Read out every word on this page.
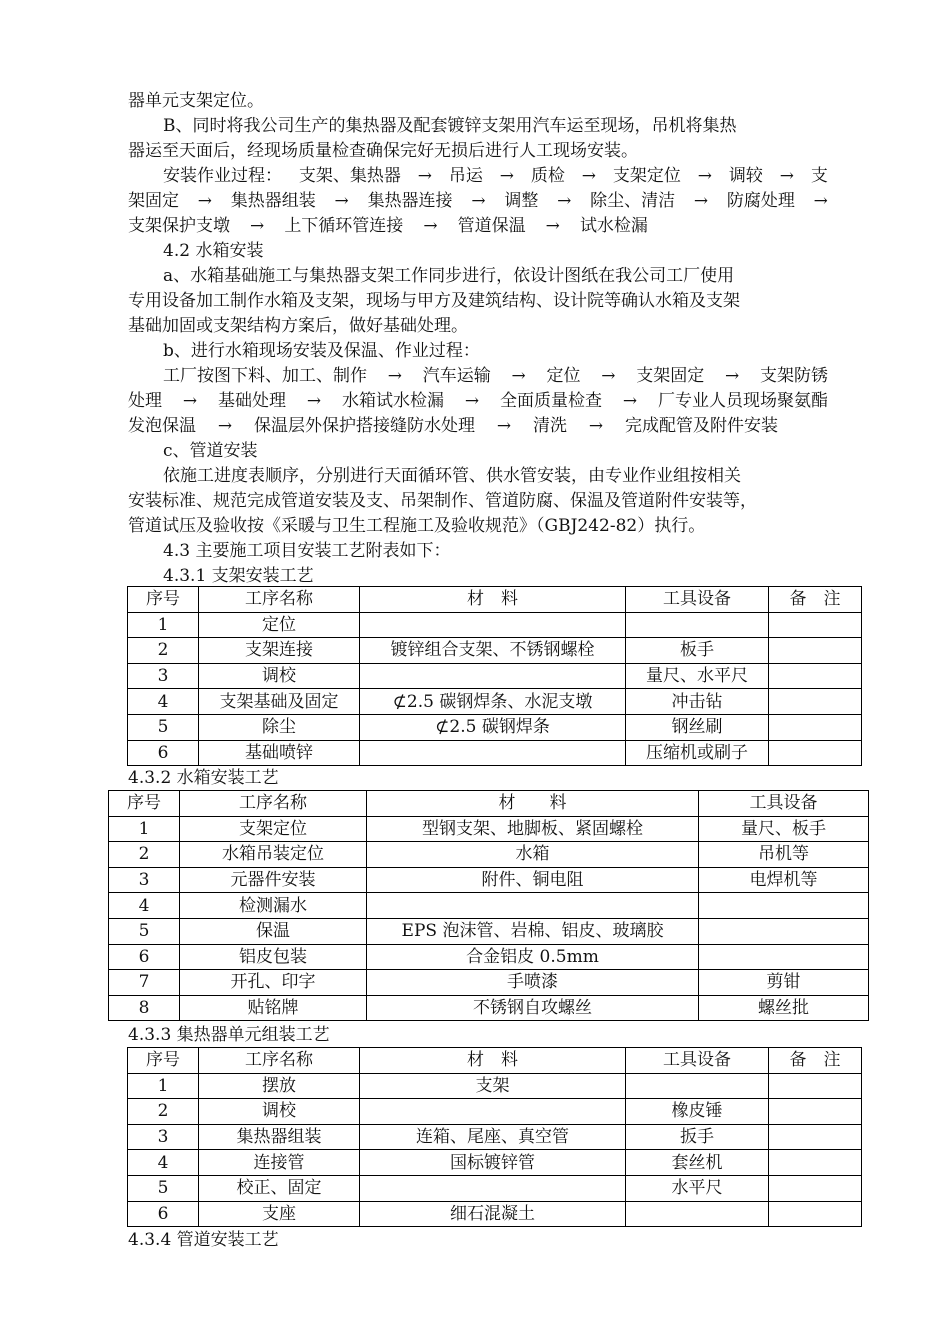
器单元支架定位。
B、同时将我公司生产的集热器及配套镀锌支架用汽车运至现场，吊机将集热
器运至天面后，经现场质量检查确保完好无损后进行人工现场安装。
安装作业过程： 支架、集热器 → 吊运 → 质检 → 支架定位 → 调较 → 支
架固定 → 集热器组装 → 集热器连接 → 调整 → 除尘、清洁 → 防腐处理 →
支架保护支墩 → 上下循环管连接 → 管道保温 → 试水检漏
4.2 水箱安装
a、水箱基础施工与集热器支架工作同步进行，依设计图纸在我公司工厂使用
专用设备加工制作水箱及支架，现场与甲方及建筑结构、设计院等确认水箱及支架
基础加固或支架结构方案后，做好基础处理。
b、进行水箱现场安装及保温、作业过程：
工厂按图下料、加工、制作 → 汽车运输 → 定位 → 支架固定 → 支架防锈
处理 → 基础处理 → 水箱试水检漏 → 全面质量检查 → 厂专业人员现场聚氨酯
发泡保温 → 保温层外保护搭接缝防水处理 → 清洗 → 完成配管及附件安装
c、管道安装
依施工进度表顺序，分别进行天面循环管、供水管安装，由专业作业组按相关
安装标准、规范完成管道安装及支、吊架制作、管道防腐、保温及管道附件安装等，
管道试压及验收按《采暖与卫生工程施工及验收规范》（GBJ242-82）执行。
4.3 主要施工项目安装工艺附表如下：
4.3.1 支架安装工艺
序号	工序名称	材　料	工具设备	备　注
1	定位			
2	支架连接	镀锌组合支架、不锈钢螺栓	板手	
3	调校		量尺、水平尺	
4	支架基础及固定	⊄2.5 碳钢焊条、水泥支墩	冲击钻	
5	除尘	⊄2.5 碳钢焊条	钢丝刷	
6	基础喷锌		压缩机或刷子	
4.3.2 水箱安装工艺
序号	工序名称	材　　料	工具设备
1	支架定位	型钢支架、地脚板、紧固螺栓	量尺、板手
2	水箱吊装定位	水箱	吊机等
3	元器件安装	附件、铜电阻	电焊机等
4	检测漏水		
5	保温	EPS 泡沫管、岩棉、铝皮、玻璃胶	
6	铝皮包装	合金铝皮 0.5mm	
7	开孔、印字	手喷漆	剪钳
8	贴铭牌	不锈钢自攻螺丝	螺丝批
4.3.3 集热器单元组装工艺
序号	工序名称	材　料	工具设备	备　注
1	摆放	支架		
2	调校		橡皮锤	
3	集热器组装	连箱、尾座、真空管	扳手	
4	连接管	国标镀锌管	套丝机	
5	校正、固定		水平尺	
6	支座	细石混凝土		
4.3.4 管道安装工艺
